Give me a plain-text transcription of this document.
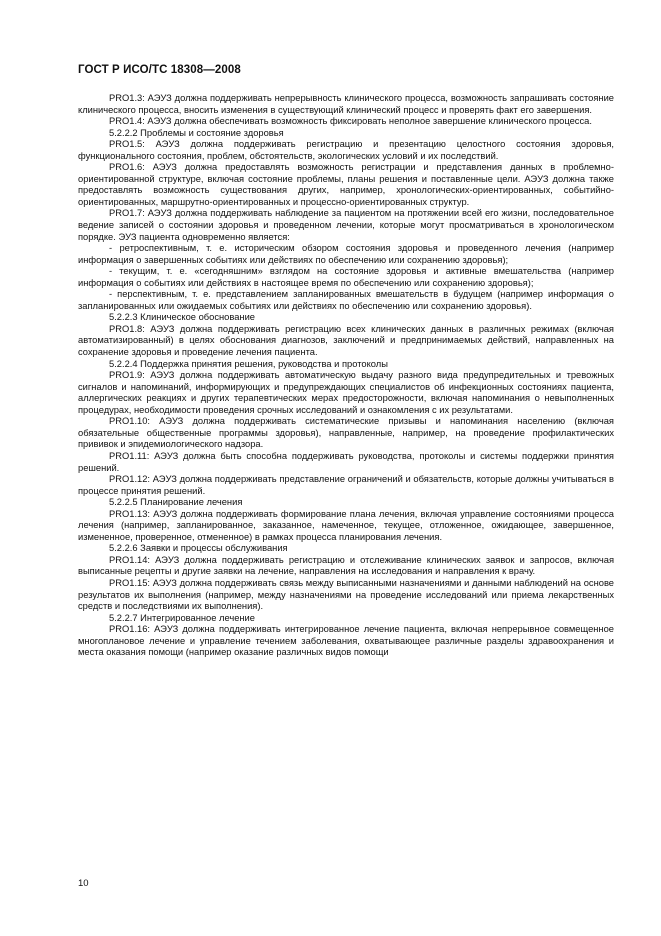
ГОСТ Р ИСО/ТС 18308—2008

PRO1.3: АЭУЗ должна поддерживать непрерывность клинического процесса, возможность запрашивать состояние клинического процесса, вносить изменения в существующий клинический процесс и проверять факт его завершения.

PRO1.4: АЭУЗ должна обеспечивать возможность фиксировать неполное завершение клинического процесса.

5.2.2.2 Проблемы и состояние здоровья

PRO1.5: АЭУЗ должна поддерживать регистрацию и презентацию целостного состояния здоровья, функционального состояния, проблем, обстоятельств, экологических условий и их последствий.

PRO1.6: АЭУЗ должна предоставлять возможность регистрации и представления данных в проблемно-ориентированной структуре, включая состояние проблемы, планы решения и поставленные цели. АЭУЗ должна также предоставлять возможность существования других, например, хронологических-ориентированных, событийно-ориентированных, маршрутно-ориентированных и процессно-ориентированных структур.

PRO1.7: АЭУЗ должна поддерживать наблюдение за пациентом на протяжении всей его жизни, последовательное ведение записей о состоянии здоровья и проведенном лечении, которые могут просматриваться в хронологическом порядке. ЭУЗ пациента одновременно является:

- ретроспективным, т. е. историческим обзором состояния здоровья и проведенного лечения (например информация о завершенных событиях или действиях по обеспечению или сохранению здоровья);

- текущим, т. е. «сегодняшним» взглядом на состояние здоровья и активные вмешательства (например информация о событиях или действиях в настоящее время по обеспечению или сохранению здоровья);

- перспективным, т. е. представлением запланированных вмешательств в будущем (например информация о запланированных или ожидаемых событиях или действиях по обеспечению или сохранению здоровья).

5.2.2.3 Клиническое обоснование

PRO1.8: АЭУЗ должна поддерживать регистрацию всех клинических данных в различных режимах (включая автоматизированный) в целях обоснования диагнозов, заключений и предпринимаемых действий, направленных на сохранение здоровья и проведение лечения пациента.

5.2.2.4 Поддержка принятия решения, руководства и протоколы

PRO1.9: АЭУЗ должна поддерживать автоматическую выдачу разного вида предупредительных и тревожных сигналов и напоминаний, информирующих и предупреждающих специалистов об инфекционных состояниях пациента, аллергических реакциях и других терапевтических мерах предосторожности, включая напоминания о невыполненных процедурах, необходимости проведения срочных исследований и ознакомления с их результатами.

PRO1.10: АЭУЗ должна поддерживать систематические призывы и напоминания населению (включая обязательные общественные программы здоровья), направленные, например, на проведение профилактических прививок и эпидемиологического надзора.

PRO1.11: АЭУЗ должна быть способна поддерживать руководства, протоколы и системы поддержки принятия решений.

PRO1.12: АЭУЗ должна поддерживать представление ограничений и обязательств, которые должны учитываться в процессе принятия решений.

5.2.2.5 Планирование лечения

PRO1.13: АЭУЗ должна поддерживать формирование плана лечения, включая управление состояниями процесса лечения (например, запланированное, заказанное, намеченное, текущее, отложенное, ожидающее, завершенное, измененное, проверенное, отмененное) в рамках процесса планирования лечения.

5.2.2.6 Заявки и процессы обслуживания

PRO1.14: АЭУЗ должна поддерживать регистрацию и отслеживание клинических заявок и запросов, включая выписанные рецепты и другие заявки на лечение, направления на исследования и направления к врачу.

PRO1.15: АЭУЗ должна поддерживать связь между выписанными назначениями и данными наблюдений на основе результатов их выполнения (например, между назначениями на проведение исследований или приема лекарственных средств и последствиями их выполнения).

5.2.2.7 Интегрированное лечение

PRO1.16: АЭУЗ должна поддерживать интегрированное лечение пациента, включая непрерывное совмещенное многоплановое лечение и управление течением заболевания, охватывающее различные разделы здравоохранения и места оказания помощи (например оказание различных видов помощи

10
